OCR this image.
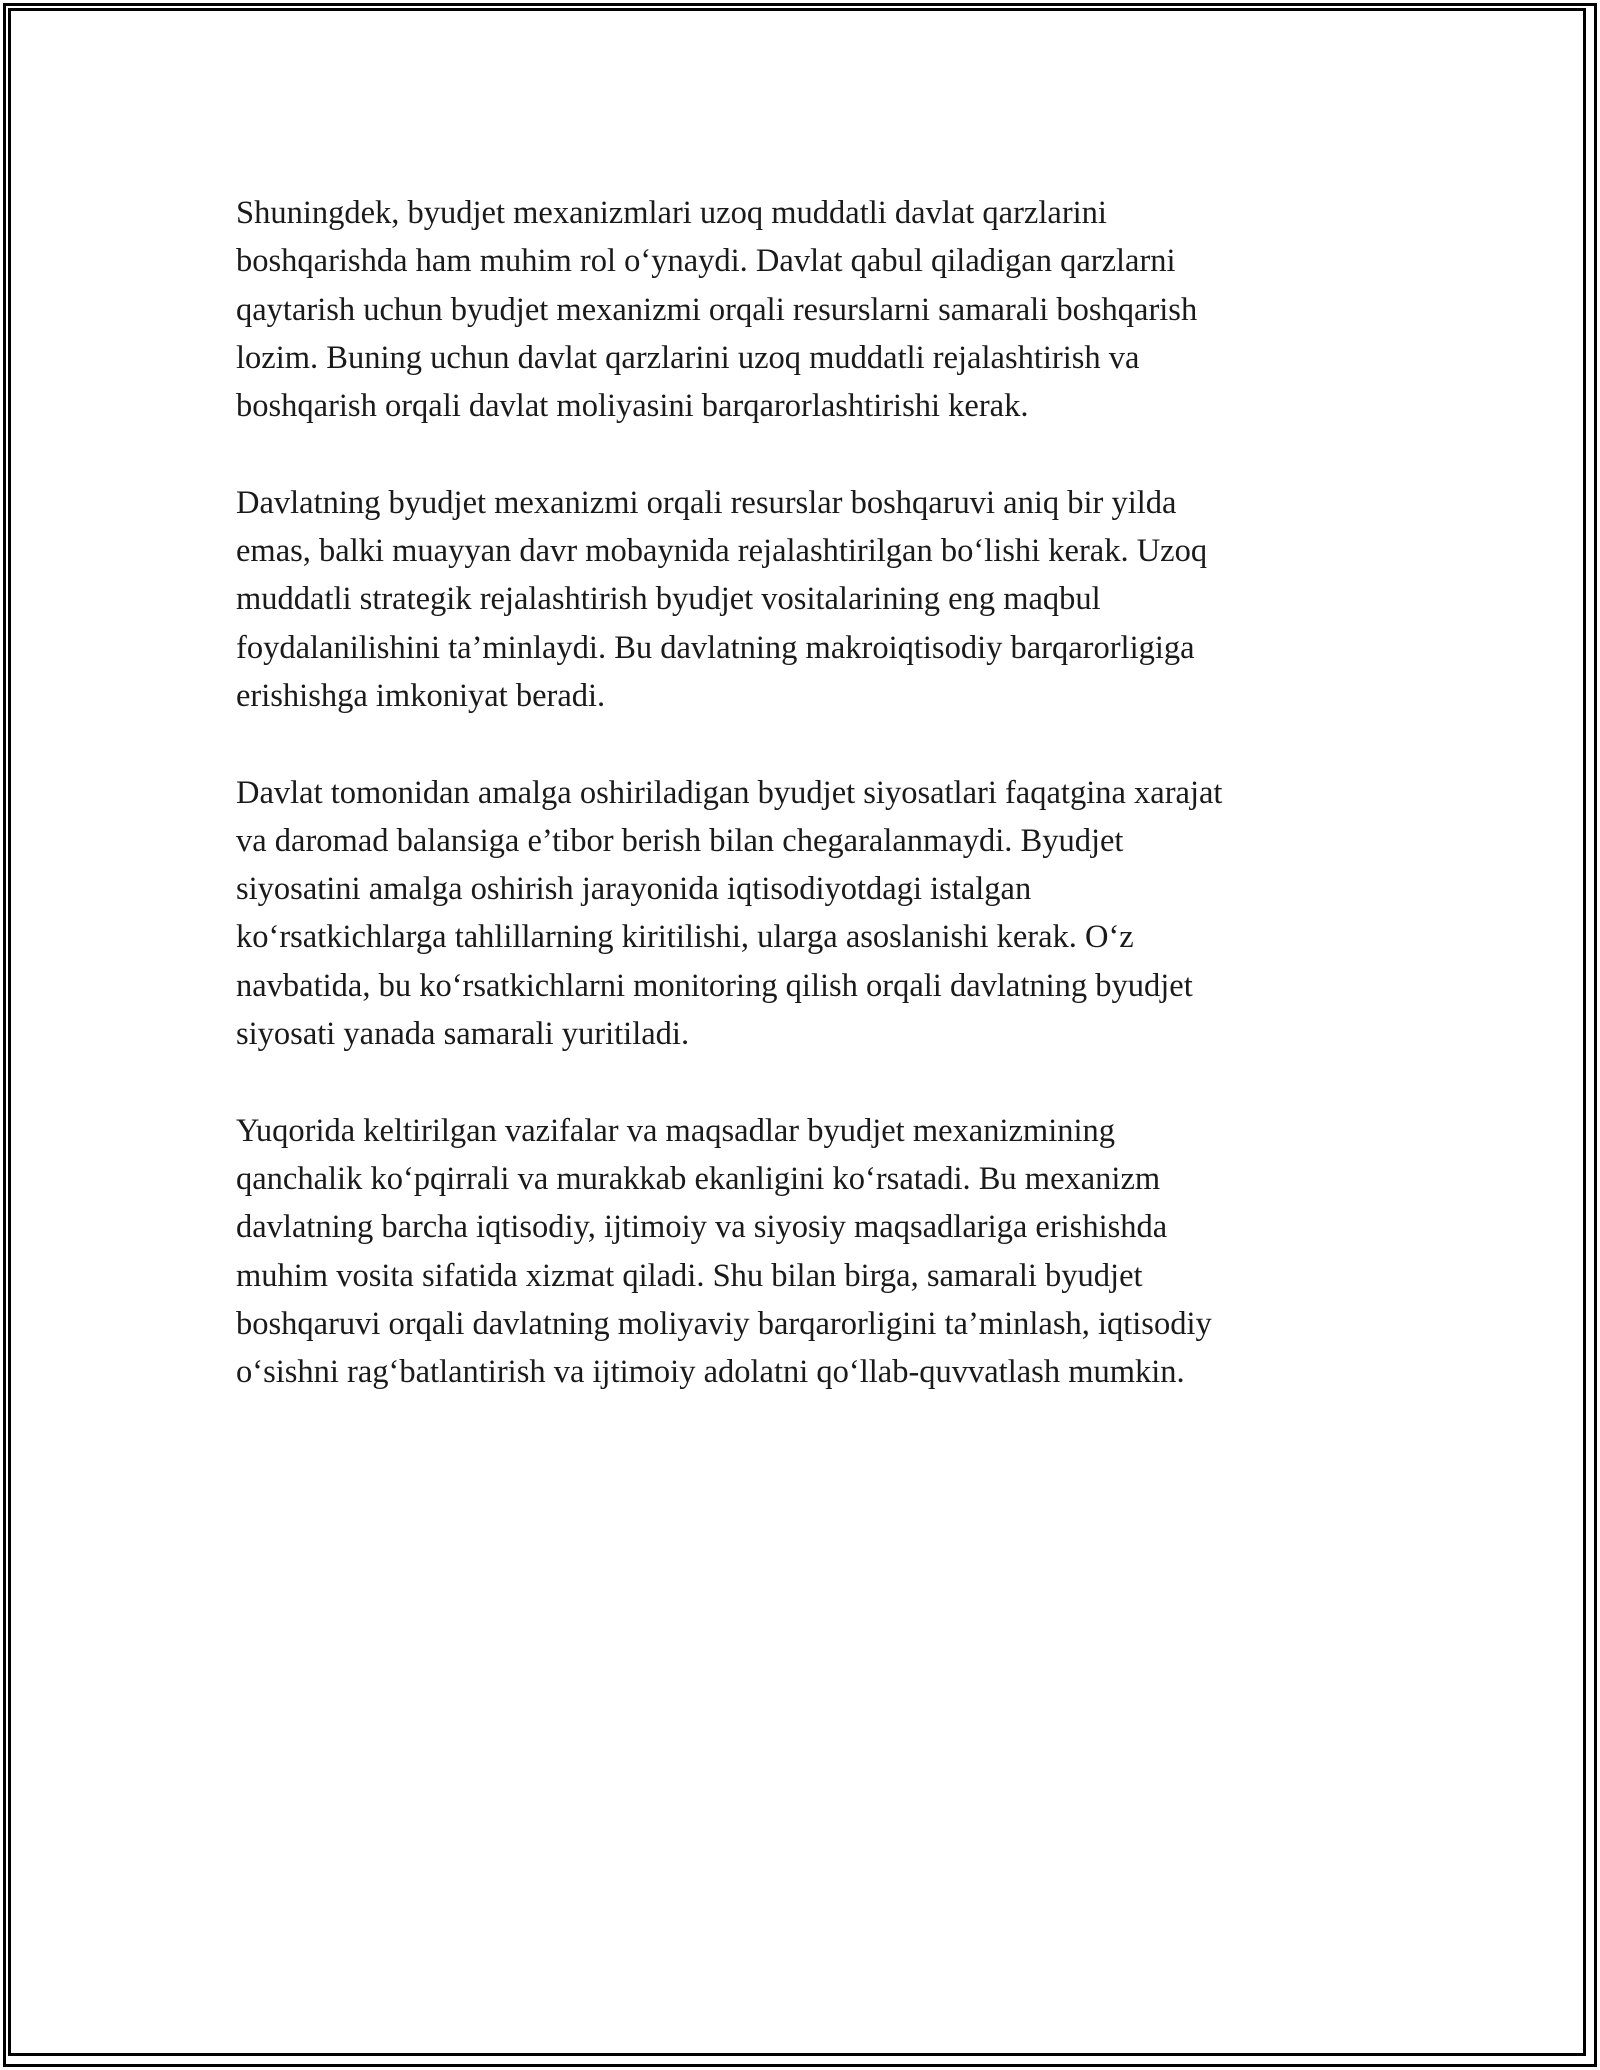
Shuningdek, byudjet mexanizmlari uzoq muddatli davlat qarzlarini
boshqarishda ham muhim rol o‘ynaydi. Davlat qabul qiladigan qarzlarni
qaytarish uchun byudjet mexanizmi orqali resurslarni samarali boshqarish
lozim. Buning uchun davlat qarzlarini uzoq muddatli rejalashtirish va
boshqarish orqali davlat moliyasini barqarorlashtirishi kerak.

Davlatning byudjet mexanizmi orqali resurslar boshqaruvi aniq bir yilda
emas, balki muayyan davr mobaynida rejalashtirilgan bo‘lishi kerak. Uzoq
muddatli strategik rejalashtirish byudjet vositalarining eng maqbul
foydalanilishini ta’minlaydi. Bu davlatning makroiqtisodiy barqarorligiga
erishishga imkoniyat beradi.

Davlat tomonidan amalga oshiriladigan byudjet siyosatlari faqatgina xarajat
va daromad balansiga e’tibor berish bilan chegaralanmaydi. Byudjet
siyosatini amalga oshirish jarayonida iqtisodiyotdagi istalgan
ko‘rsatkichlarga tahlillarning kiritilishi, ularga asoslanishi kerak. O‘z
navbatida, bu ko‘rsatkichlarni monitoring qilish orqali davlatning byudjet
siyosati yanada samarali yuritiladi.

Yuqorida keltirilgan vazifalar va maqsadlar byudjet mexanizmining
qanchalik ko‘pqirrali va murakkab ekanligini ko‘rsatadi. Bu mexanizm
davlatning barcha iqtisodiy, ijtimoiy va siyosiy maqsadlariga erishishda
muhim vosita sifatida xizmat qiladi. Shu bilan birga, samarali byudjet
boshqaruvi orqali davlatning moliyaviy barqarorligini ta’minlash, iqtisodiy
o‘sishni rag‘batlantirish va ijtimoiy adolatni qo‘llab-quvvatlash mumkin.
